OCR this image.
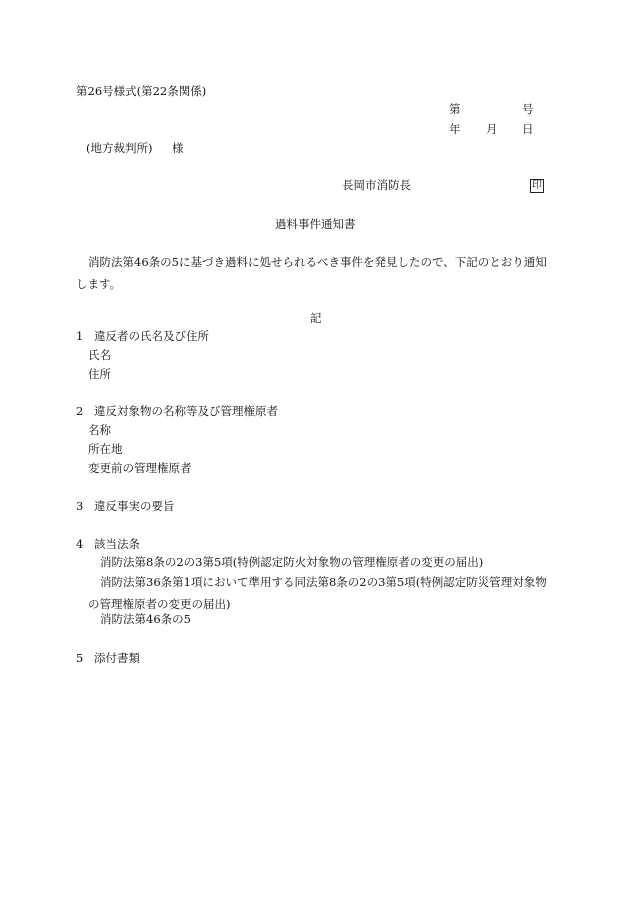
第26号様式(第22条関係)
第	号
年 月 日
(地方裁判所) 様
長岡市消防長	印
過料事件通知書
消防法第46条の5に基づき過料に処せられるべき事件を発見したので、下記のとおり通知します。
記
1 違反者の氏名及び住所
氏名
住所
2 違反対象物の名称等及び管理権原者
名称
所在地
変更前の管理権原者
3 違反事実の要旨
4 該当法条
消防法第8条の2の3第5項(特例認定防火対象物の管理権原者の変更の届出)
消防法第36条第1項において準用する同法第8条の2の3第5項(特例認定防災管理対象物の管理権原者の変更の届出)
消防法第46条の5
5 添付書類
